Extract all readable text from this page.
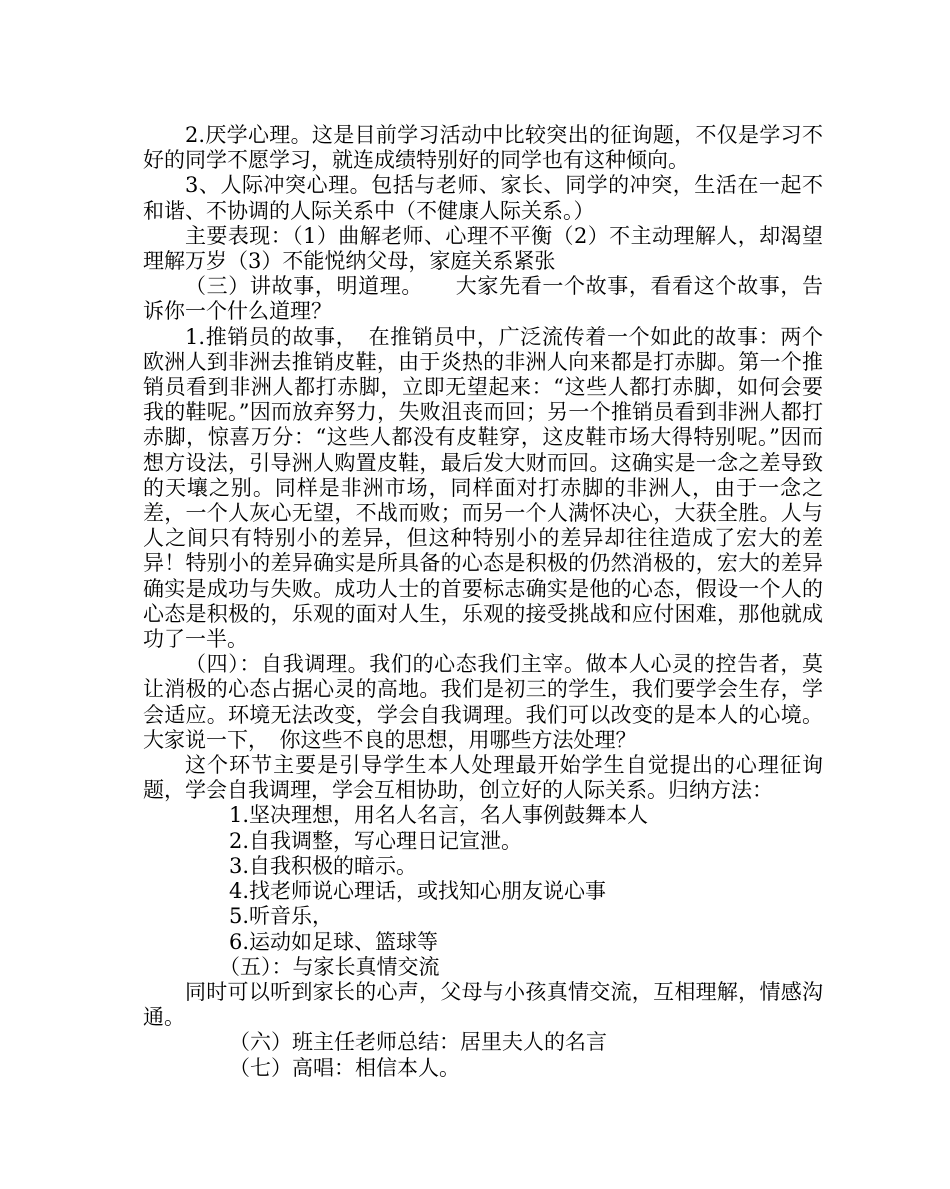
2.厌学心理。这是目前学习活动中比较突出的征询题，不仅是学习不好的同学不愿学习，就连成绩特别好的同学也有这种倾向。

3、人际冲突心理。包括与老师、家长、同学的冲突，生活在一起不和谐、不协调的人际关系中（不健康人际关系。）

主要表现：（1）曲解老师、心理不平衡（2）不主动理解人，却渴望理解万岁（3）不能悦纳父母，家庭关系紧张

（三）讲故事，明道理。　　大家先看一个故事，看看这个故事，告诉你一个什么道理？

1.推销员的故事，　在推销员中，广泛流传着一个如此的故事：两个欧洲人到非洲去推销皮鞋，由于炎热的非洲人向来都是打赤脚。第一个推销员看到非洲人都打赤脚，立即无望起来：“这些人都打赤脚，如何会要我的鞋呢。”因而放弃努力，失败沮丧而回；另一个推销员看到非洲人都打赤脚，惊喜万分：“这些人都没有皮鞋穿，这皮鞋市场大得特别呢。”因而想方设法，引导洲人购置皮鞋，最后发大财而回。这确实是一念之差导致的天壤之别。同样是非洲市场，同样面对打赤脚的非洲人，由于一念之差，一个人灰心无望，不战而败；而另一个人满怀决心，大获全胜。人与人之间只有特别小的差异，但这种特别小的差异却往往造成了宏大的差异！特别小的差异确实是所具备的心态是积极的仍然消极的，宏大的差异确实是成功与失败。成功人士的首要标志确实是他的心态，假设一个人的心态是积极的，乐观的面对人生，乐观的接受挑战和应付困难，那他就成功了一半。

（四）：自我调理。我们的心态我们主宰。做本人心灵的控告者，莫让消极的心态占据心灵的高地。我们是初三的学生，我们要学会生存，学会适应。环境无法改变，学会自我调理。我们可以改变的是本人的心境。大家说一下，　你这些不良的思想，用哪些方法处理？

这个环节主要是引导学生本人处理最开始学生自觉提出的心理征询题，学会自我调理，学会互相协助，创立好的人际关系。归纳方法：

1.坚决理想，用名人名言，名人事例鼓舞本人

2.自我调整，写心理日记宣泄。

3.自我积极的暗示。

4.找老师说心理话，或找知心朋友说心事

5.听音乐，

6.运动如足球、篮球等

（五）：与家长真情交流

同时可以听到家长的心声，父母与小孩真情交流，互相理解，情感沟通。

（六）班主任老师总结：居里夫人的名言

（七）高唱：相信本人。
